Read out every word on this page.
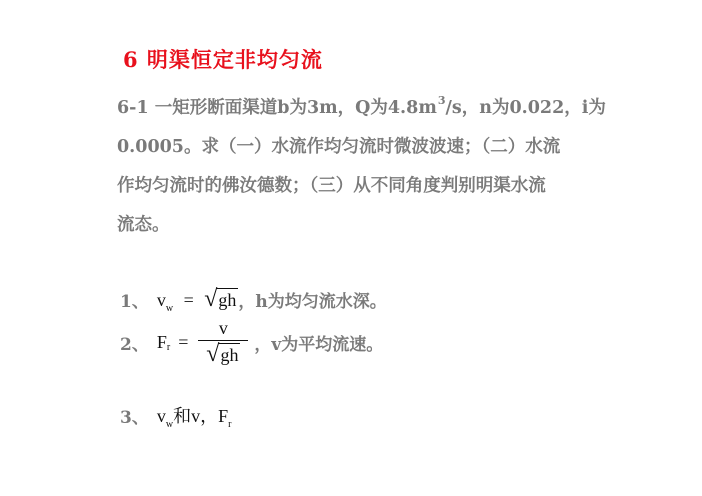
6 明渠恒定非均匀流
6-1 一矩形断面渠道b为3m，Q为$4.8m^3/s$，n为0.022，i为
0.0005。求（一）水流作均匀流时微波波速；（二）水流
作均匀流时的佛汝德数；（三）从不同角度判别明渠水流
流态。
1、 $v_w$ = √ gh ，h为均匀流水深。
2、 F $r = \frac{v}{√ gh}$ ，v为平均流速。
3、 $v_w$和v，$F_r$
